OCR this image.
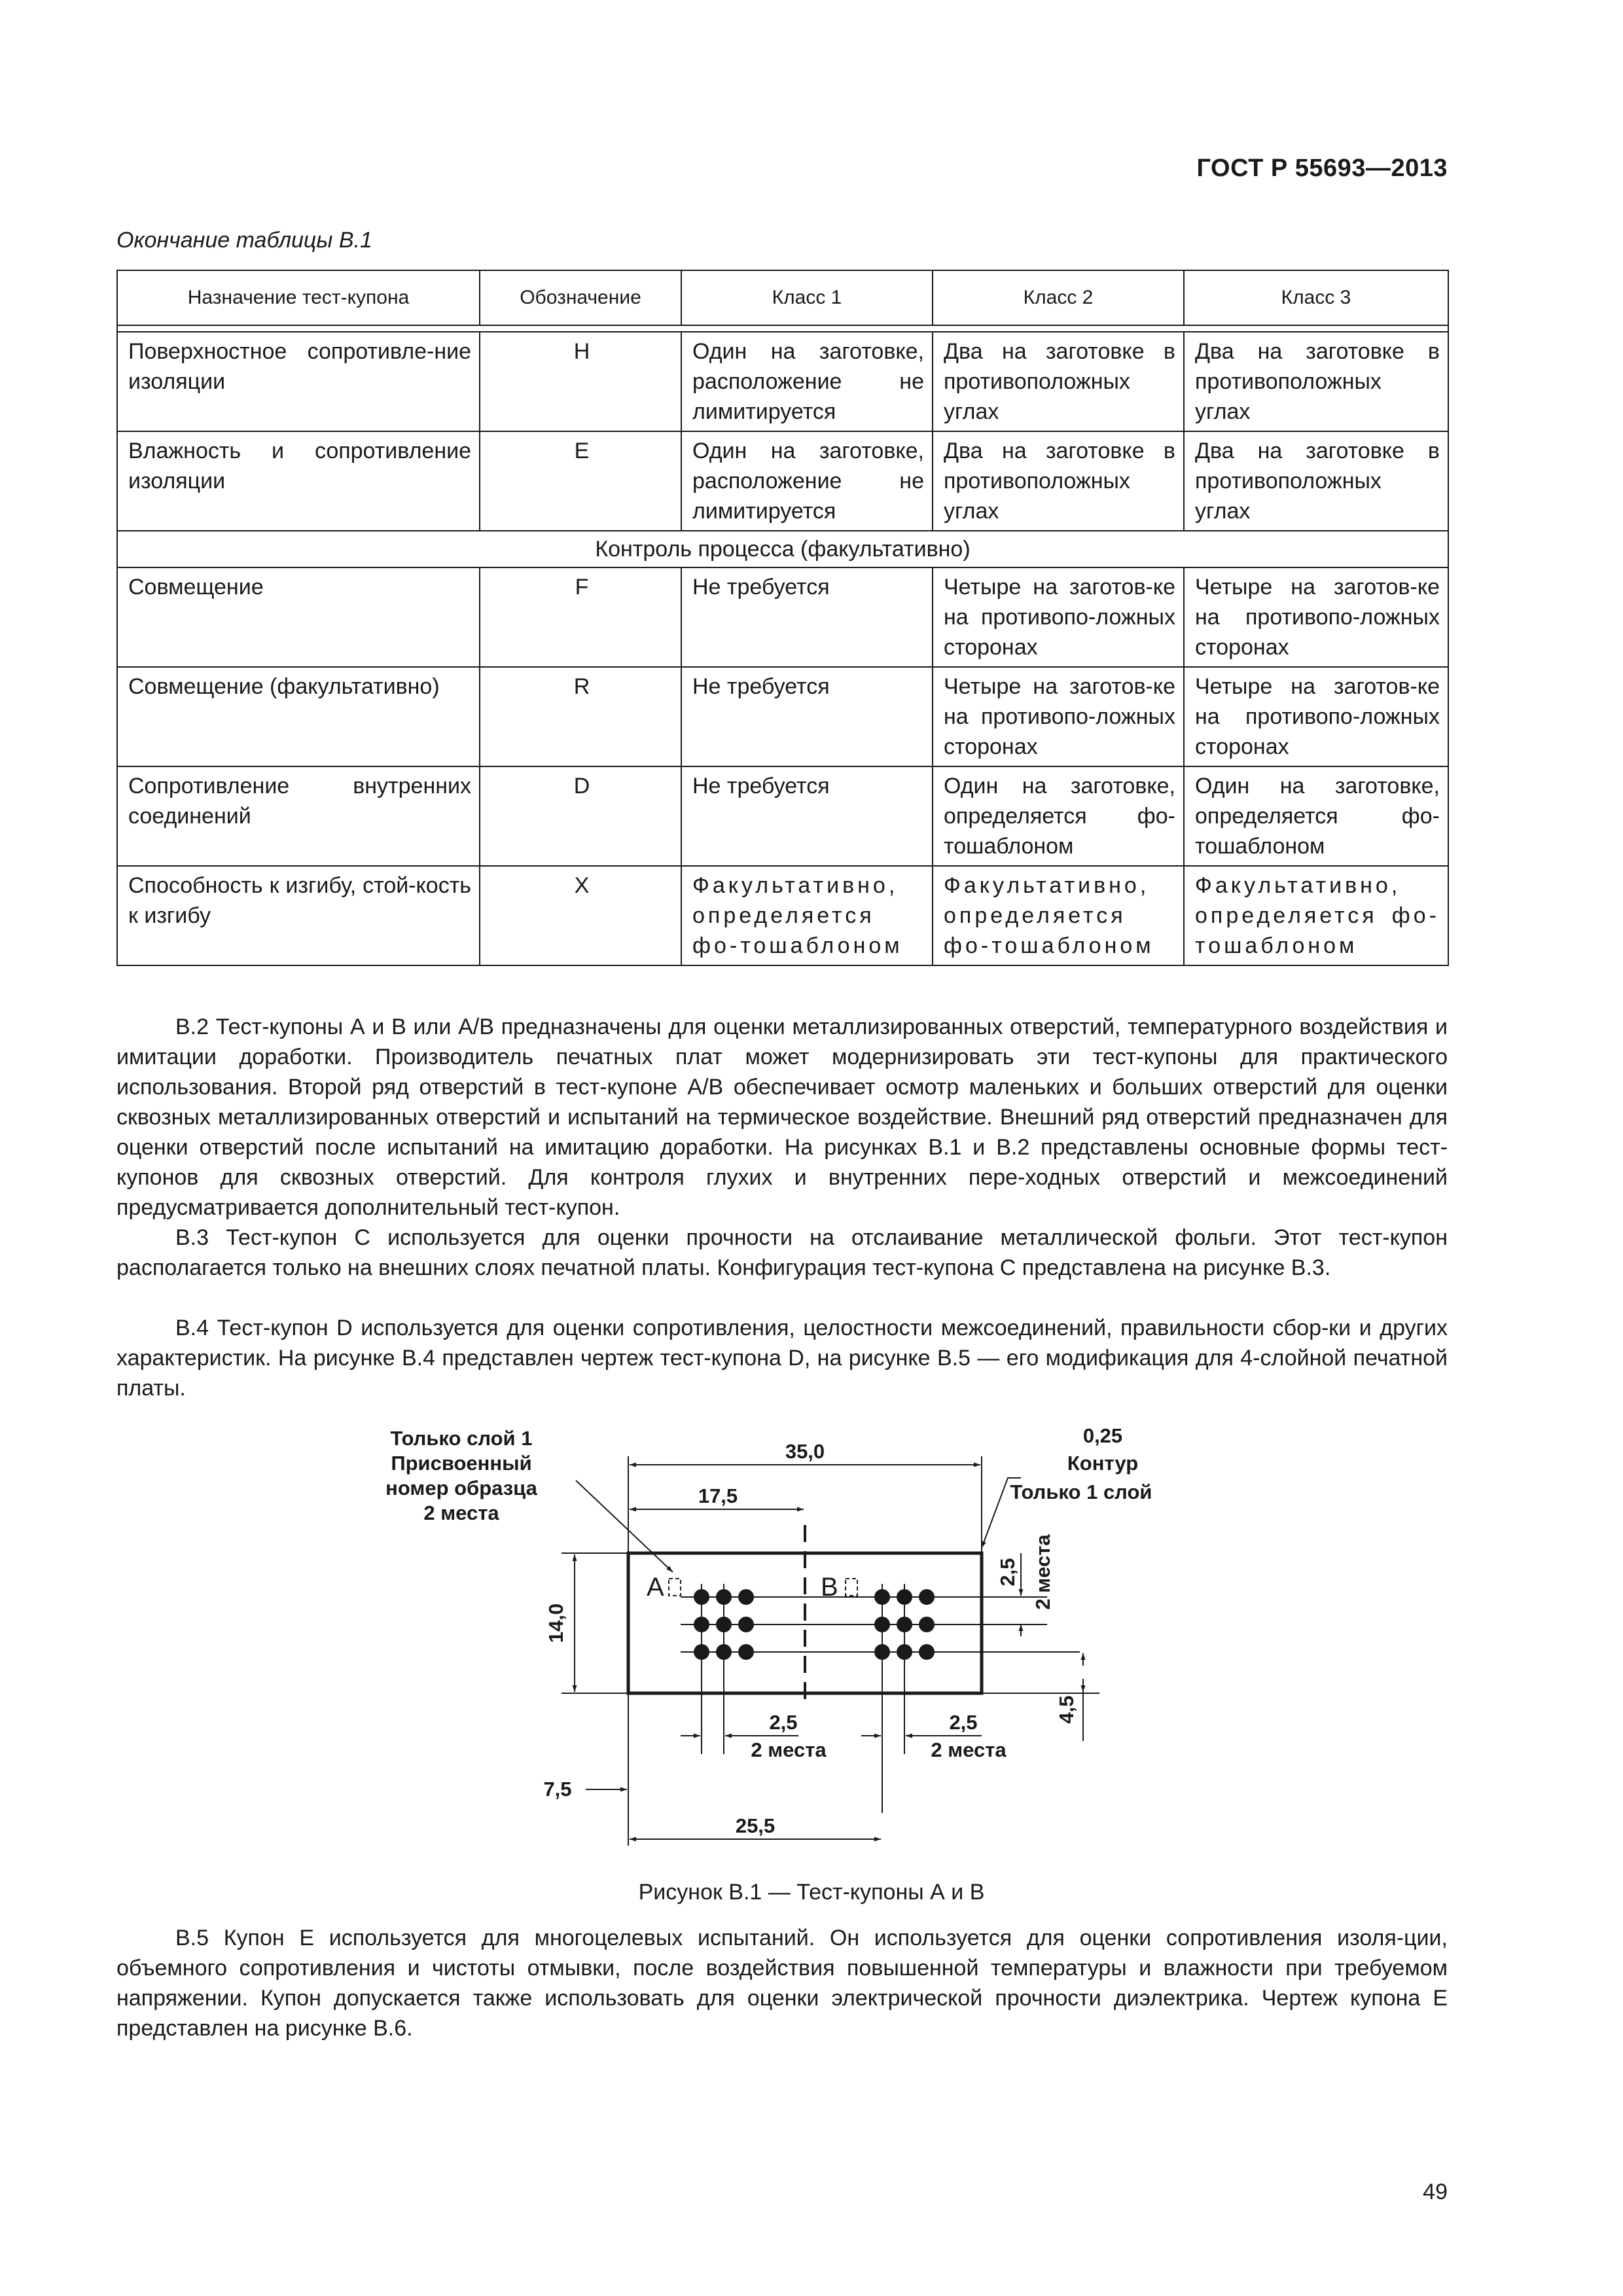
ГОСТ Р 55693—2013
Окончание таблицы В.1
Назначение тест-купона	Обозначение	Класс 1	Класс 2	Класс 3

Поверхностное сопротивле-ние изоляции	H	Один на заготовке, расположение не лимитируется	Два на заготовке в противоположных углах	Два на заготовке в противоположных углах
Влажность и сопротивление изоляции	E	Один на заготовке, расположение не лимитируется	Два на заготовке в противоположных углах	Два на заготовке в противоположных углах
Контроль процесса (факультативно)				
Совмещение	F	Не требуется	Четыре на заготов-ке на противопо-ложных сторонах	Четыре на заготов-ке на противопо-ложных сторонах
Совмещение (факультативно)	R	Не требуется	Четыре на заготов-ке на противопо-ложных сторонах	Четыре на заготов-ке на противопо-ложных сторонах
Сопротивление внутренних соединений	D	Не требуется	Один на заготовке, определяется фо-тошаблоном	Один на заготовке, определяется фо-тошаблоном
Способность к изгибу, стой-кость к изгибу	X	Факультативно, определяется фо-тошаблоном	Факультативно, определяется фо-тошаблоном	Факультативно, определяется фо-тошаблоном

В.2 Тест-купоны А и В или А/В предназначены для оценки металлизированных отверстий, температурного воздействия и имитации доработки. Производитель печатных плат может модернизировать эти тест-купоны для практического использования. Второй ряд отверстий в тест-купоне А/В обеспечивает осмотр маленьких и больших отверстий для оценки сквозных металлизированных отверстий и испытаний на термическое воздействие. Внешний ряд отверстий предназначен для оценки отверстий после испытаний на имитацию доработки. На рисунках В.1 и В.2 представлены основные формы тест-купонов для сквозных отверстий. Для контроля глухих и внутренних пере-ходных отверстий и межсоединений предусматривается дополнительный тест-купон.

В.3 Тест-купон С используется для оценки прочности на отслаивание металлической фольги. Этот тест-купон располагается только на внешних слоях печатной платы. Конфигурация тест-купона С представлена на рисунке В.3.

В.4 Тест-купон D используется для оценки сопротивления, целостности межсоединений, правильности сбор-ки и других характеристик. На рисунке В.4 представлен чертеж тест-купона D, на рисунке В.5 — его модификация для 4-слойной печатной платы.

Только слой 1
Присвоенный
номер образца
2 места
0,25
Контур
Только 1 слой
35,0
17,5
14,0
2,5 2 места
4,5
2,5
2 места
2,5
2 места
7,5
25,5
А	В
Рисунок В.1 — Тест-купоны А и В

В.5 Купон Е используется для многоцелевых испытаний. Он используется для оценки сопротивления изоля-ции, объемного сопротивления и чистоты отмывки, после воздействия повышенной температуры и влажности при требуемом напряжении. Купон допускается также использовать для оценки электрической прочности диэлектрика. Чертеж купона Е представлен на рисунке В.6.

49
